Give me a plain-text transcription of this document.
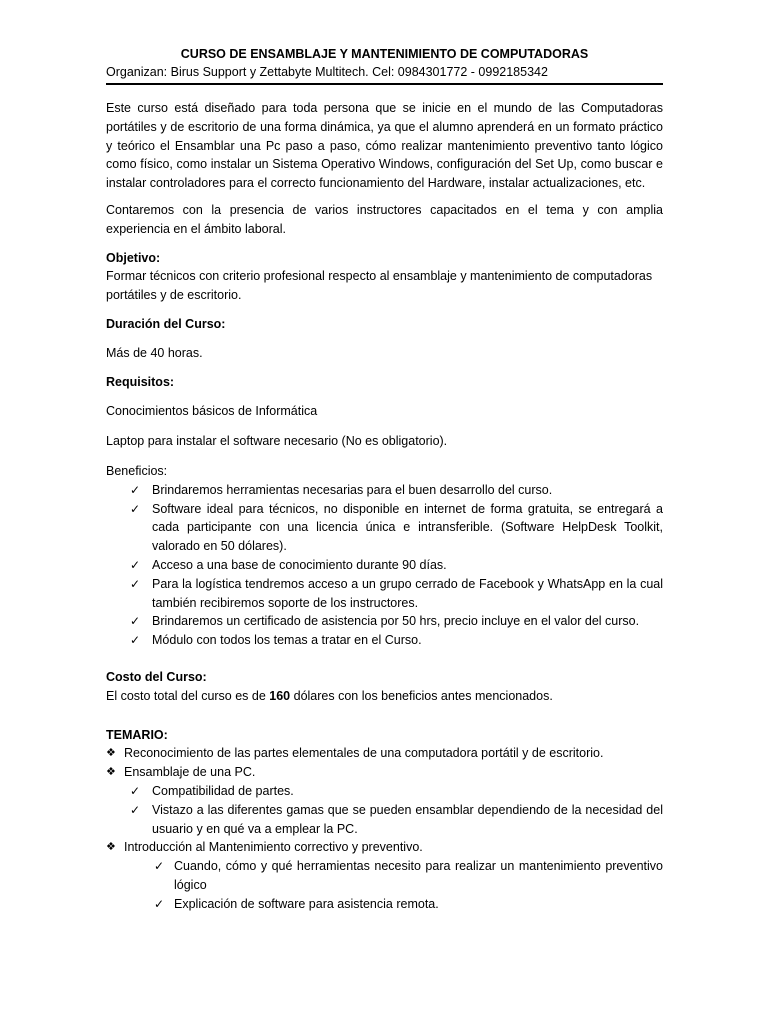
CURSO DE ENSAMBLAJE Y MANTENIMIENTO DE COMPUTADORAS
Organizan: Birus Support y Zettabyte Multitech. Cel: 0984301772 - 0992185342

Este curso está diseñado para toda persona que se inicie en el mundo de las Computadoras portátiles y de escritorio de una forma dinámica, ya que el alumno aprenderá en un formato práctico y teórico el Ensamblar una Pc paso a paso, cómo realizar mantenimiento preventivo tanto lógico como físico, como instalar un Sistema Operativo Windows, configuración del Set Up, como buscar e instalar controladores para el correcto funcionamiento del Hardware, instalar actualizaciones, etc.

Contaremos con la presencia de varios instructores capacitados en el tema y con amplia experiencia en el ámbito laboral.

Objetivo:

Formar técnicos con criterio profesional respecto al ensamblaje y mantenimiento de computadoras portátiles y de escritorio.

Duración del Curso:

Más de 40 horas.

Requisitos:

Conocimientos básicos de Informática

Laptop para instalar el software necesario (No es obligatorio).

Beneficios:

✓ Brindaremos herramientas necesarias para el buen desarrollo del curso.
✓ Software ideal para técnicos, no disponible en internet de forma gratuita, se entregará a cada participante con una licencia única e intransferible. (Software HelpDesk Toolkit, valorado en 50 dólares).
✓ Acceso a una base de conocimiento durante 90 días.
✓ Para la logística tendremos acceso a un grupo cerrado de Facebook y WhatsApp en la cual también recibiremos soporte de los instructores.
✓ Brindaremos un certificado de asistencia por 50 hrs, precio incluye en el valor del curso.
✓ Módulo con todos los temas a tratar en el Curso.

Costo del Curso:

El costo total del curso es de 160 dólares con los beneficios antes mencionados.

TEMARIO:

❖ Reconocimiento de las partes elementales de una computadora portátil y de escritorio.
❖ Ensamblaje de una PC.
✓ Compatibilidad de partes.
✓ Vistazo a las diferentes gamas que se pueden ensamblar dependiendo de la necesidad del usuario y en qué va a emplear la PC.
❖ Introducción al Mantenimiento correctivo y preventivo.
✓ Cuando, cómo y qué herramientas necesito para realizar un mantenimiento preventivo lógico
✓ Explicación de software para asistencia remota.
